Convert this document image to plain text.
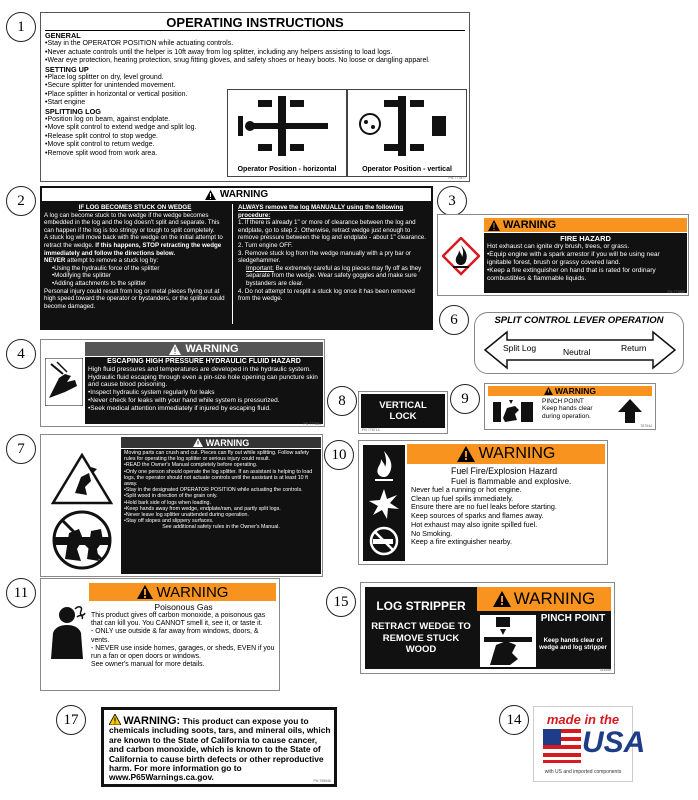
1
2	3
6
4
7
8	9
10
11
14
15
17
OPERATING INSTRUCTIONS
GENERAL
•Stay in the OPERATOR POSITION while actuating controls.
•Never actuate controls until the helper is 10ft away from log splitter, including any helpers assisting to load logs.
•Wear eye protection, hearing protection, snug fitting gloves, and safety shoes or heavy boots. No loose or dangling apparel.
SETTING UP
•Place log splitter on dry, level ground.
•Secure splitter for unintended movement.
•Place splitter in horizontal or vertical position.
•Start engine
SPLITTING LOG
•Position log on beam, against endplate.
•Move split control to extend wedge and split log.
•Release split control to stop wedge.
•Move split control to return wedge.
•Remove split wood from work area.
Operator Position - horizontal	Operator Position - vertical
PN 777877
WARNING
IF LOG BECOMES STUCK ON WEDGE
A log can become stuck to the wedge if the wedge becomes embedded in the log and the log doesn't split and separate. This can happen if the log is too stringy or tough to split completely.
A stuck log will move back with the wedge on the initial attempt to retract the wedge. If this happens, STOP retracting the wedge immediately and follow the directions below.
NEVER attempt to remove a stuck log by:
•Using the hydraulic force of the splitter
•Modifying the splitter
•Adding attachments to the splitter
Personal injury could result from log or metal pieces flying out at high speed toward the operator or bystanders, or the splitter could become damaged.
ALWAYS remove the log MANUALLY using the following procedure:
1. If there is already 1" or more of clearance between the log and endplate, go to step 2. Otherwise, retract wedge just enough to remove pressure between the log and endplate - about 1" clearance.
2. Turn engine OFF.
3. Remove stuck log from the wedge manually with a pry bar or sledgehammer.
Important: Be extremely careful as log pieces may fly off as they separate from the wedge. Wear safety goggles and make sure bystanders are clear.
4. Do not attempt to resplit a stuck log once it has been removed from the wedge.
WARNING
FIRE HAZARD
Hot exhaust can ignite dry brush, trees, or grass.
•Equip engine with a spark arrestor if you will be using near ignitable forest, brush or grassy covered land.
•Keep a fire extinguisher on hand that is rated for ordinary combustibles & flammable liquids.
PN 777880
SPLIT CONTROL LEVER OPERATION
Split Log	Neutral	Return
WARNING
ESCAPING HIGH PRESSURE HYDRAULIC FLUID HAZARD
High fluid pressures and temperatures are developed in the hydraulic system. Hydraulic fluid escaping through even a pin-size hole opening can puncture skin and cause blood poisoning.
•Inspect hydraulic system regularly for leaks
•Never check for leaks with your hand while system is pressurized.
•Seek medical attention immediately if injured by escaping fluid.
PN 777881
VERTICAL
LOCK
PN 778714
WARNING
PINCH POINT
Keep hands clear during operation.
787944
WARNING
Moving parts can crush and cut. Pieces can fly out while splitting. Follow safety rules for operating the log splitter or serious injury could result.
•READ the Owner's Manual completely before operating.
•Only one person should operate the log splitter. If an assistant is helping to load logs, the operator should not actuate controls until the assistant is at least 10 ft away.
•Stay in the designated OPERATOR POSITION while actuating the controls.
•Split wood in direction of the grain only.
•Hold bark side of logs when loading.
•Keep hands away from wedge, endplate/ram, and partly split logs.
•Never leave log splitter unattended during operation.
•Stay off slopes and slippery surfaces.
See additional safety rules in the Owner's Manual.
WARNING
Fuel Fire/Explosion Hazard
Fuel is flammable and explosive.
Never fuel a running or hot engine.
Clean up fuel spills immediately.
Ensure there are no fuel leaks before starting.
Keep sources of sparks and flames away.
Hot exhaust may also ignite spilled fuel.
No Smoking.
Keep a fire extinguisher nearby.
WARNING
Poisonous Gas
This product gives off carbon monoxide, a poisonous gas that can kill you. You CANNOT smell it, see it, or taste it.
- ONLY use outside & far away from windows, doors, & vents.
- NEVER use inside homes, garages, or sheds, EVEN if you run a fan or open doors or windows.
See owner's manual for more details.
LOG STRIPPER
RETRACT WEDGE TO REMOVE STUCK WOOD
WARNING
PINCH POINT
Keep hands clear of wedge and log stripper
783456
WARNING: This product can expose you to chemicals including soots, tars, and mineral oils, which are known to the State of California to cause cancer, and carbon monoxide, which is known to the State of California to cause birth defects or other reproductive harm. For more information go to www.P65Warnings.ca.gov.	PN 798546
made in the
USA
with US and imported components
